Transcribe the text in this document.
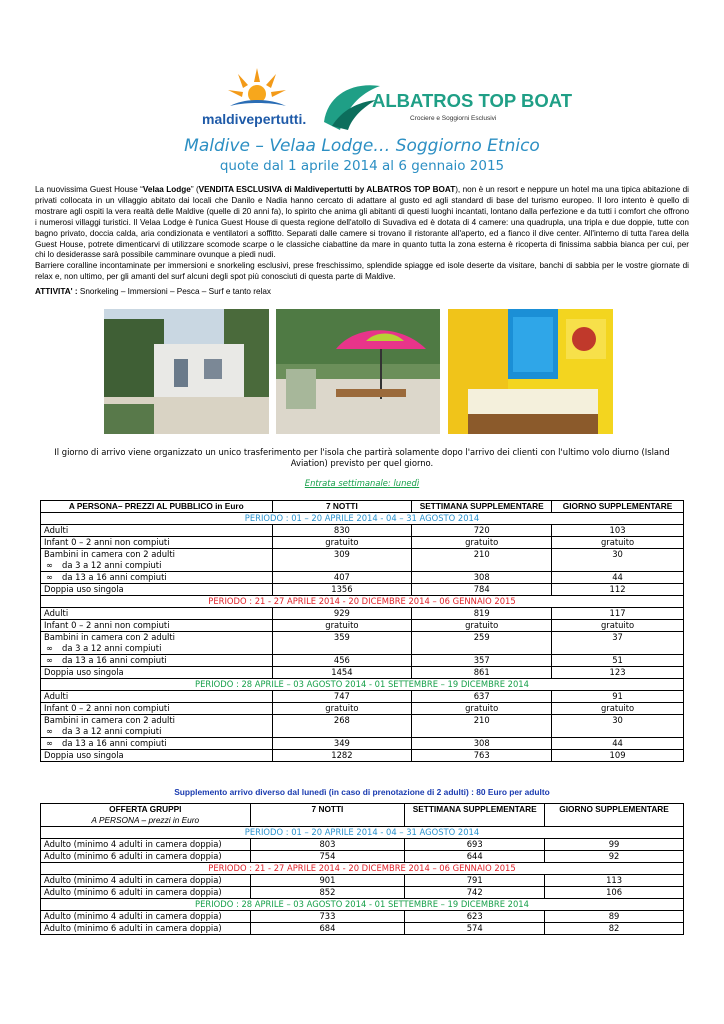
maldivepertutti.
ALBATROS TOP BOAT
Crociere e Soggiorni Esclusivi
Maldive – Velaa Lodge… Soggiorno Etnico
quote dal 1 aprile 2014 al 6 gennaio 2015

La nuovissima Guest House “Velaa Lodge” (VENDITA ESCLUSIVA di Maldivepertutti by ALBATROS TOP BOAT), non è un resort e neppure un hotel ma una tipica abitazione di privati collocata in un villaggio abitato dai locali che Danilo e Nadia hanno cercato di adattare al gusto ed agli standard di base del turismo europeo. Il loro intento è quello di mostrare agli ospiti la vera realtà delle Maldive (quelle di 20 anni fa), lo spirito che anima gli abitanti di questi luoghi incantati, lontano dalla perfezione e da tutti i comfort che offrono i numerosi villaggi turistici. Il Velaa Lodge è l'unica Guest House di questa regione dell'atollo di Suvadiva ed è dotata di 4 camere: una quadrupla, una tripla e due doppie, tutte con bagno privato, doccia calda, aria condizionata e ventilatori a soffitto. Separati dalle camere si trovano il ristorante all'aperto, ed a fianco il dive center. All'interno di tutta l'area della Guest House, potrete dimenticarvi di utilizzare scomode scarpe o le classiche ciabattine da mare in quanto tutta la zona esterna è ricoperta di finissima sabbia bianca per cui, per chi lo desiderasse sarà possibile camminare ovunque a piedi nudi.

Barriere coralline incontaminate per immersioni e snorkeling esclusivi, prese freschissimo, splendide spiagge ed isole deserte da visitare, banchi di sabbia per le vostre giornate di relax e, non ultimo, per gli amanti del surf alcuni degli spot più conosciuti di questa parte di Maldive.

ATTIVITA' : Snorkeling – Immersioni – Pesca – Surf e tanto relax
Il giorno di arrivo viene organizzato un unico trasferimento per l'isola che partirà solamente dopo l'arrivo dei clienti con l'ultimo volo diurno (Island Aviation) previsto per quel giorno.
Entrata settimanale: lunedì
A PERSONA– PREZZI AL PUBBLICO in Euro	7 NOTTI	SETTIMANA SUPPLEMENTARE	GIORNO SUPPLEMENTARE
PERIODO : 01 – 20 APRILE 2014 - 04 – 31 AGOSTO 2014			
Adulti	830	720	103
Infant 0 – 2 anni non compiuti	gratuito	gratuito	gratuito

Bambini in camera con 2 adulti
∞ da 3 a 12 anni compiuti	309	210	30
∞ da 13 a 16 anni compiuti	407	308	44
Doppia uso singola	1356	784	112
PERIODO : 21 - 27 APRILE 2014 - 20 DICEMBRE 2014 – 06 GENNAIO 2015			
Adulti	929	819	117
Infant 0 – 2 anni non compiuti	gratuito	gratuito	gratuito

Bambini in camera con 2 adulti
∞ da 3 a 12 anni compiuti	359	259	37
∞ da 13 a 16 anni compiuti	456	357	51
Doppia uso singola	1454	861	123
PERIODO : 28 APRILE – 03 AGOSTO 2014 - 01 SETTEMBRE – 19 DICEMBRE 2014			
Adulti	747	637	91
Infant 0 – 2 anni non compiuti	gratuito	gratuito	gratuito

Bambini in camera con 2 adulti
∞ da 3 a 12 anni compiuti	268	210	30
∞ da 13 a 16 anni compiuti	349	308	44
Doppia uso singola	1282	763	109
Supplemento arrivo diverso dal lunedì (in caso di prenotazione di 2 adulti) : 80 Euro per adulto
OFFERTA GRUPPI
A PERSONA – prezzi in Euro	7 NOTTI	SETTIMANA SUPPLEMENTARE	GIORNO SUPPLEMENTARE
PERIODO : 01 – 20 APRILE 2014 - 04 – 31 AGOSTO 2014			
Adulto (minimo 4 adulti in camera doppia)	803	693	99
Adulto (minimo 6 adulti in camera doppia)	754	644	92
PERIODO : 21 - 27 APRILE 2014 - 20 DICEMBRE 2014 – 06 GENNAIO 2015			
Adulto (minimo 4 adulti in camera doppia)	901	791	113
Adulto (minimo 6 adulti in camera doppia)	852	742	106
PERIODO : 28 APRILE – 03 AGOSTO 2014 - 01 SETTEMBRE – 19 DICEMBRE 2014			
Adulto (minimo 4 adulti in camera doppia)	733	623	89
Adulto (minimo 6 adulti in camera doppia)	684	574	82
